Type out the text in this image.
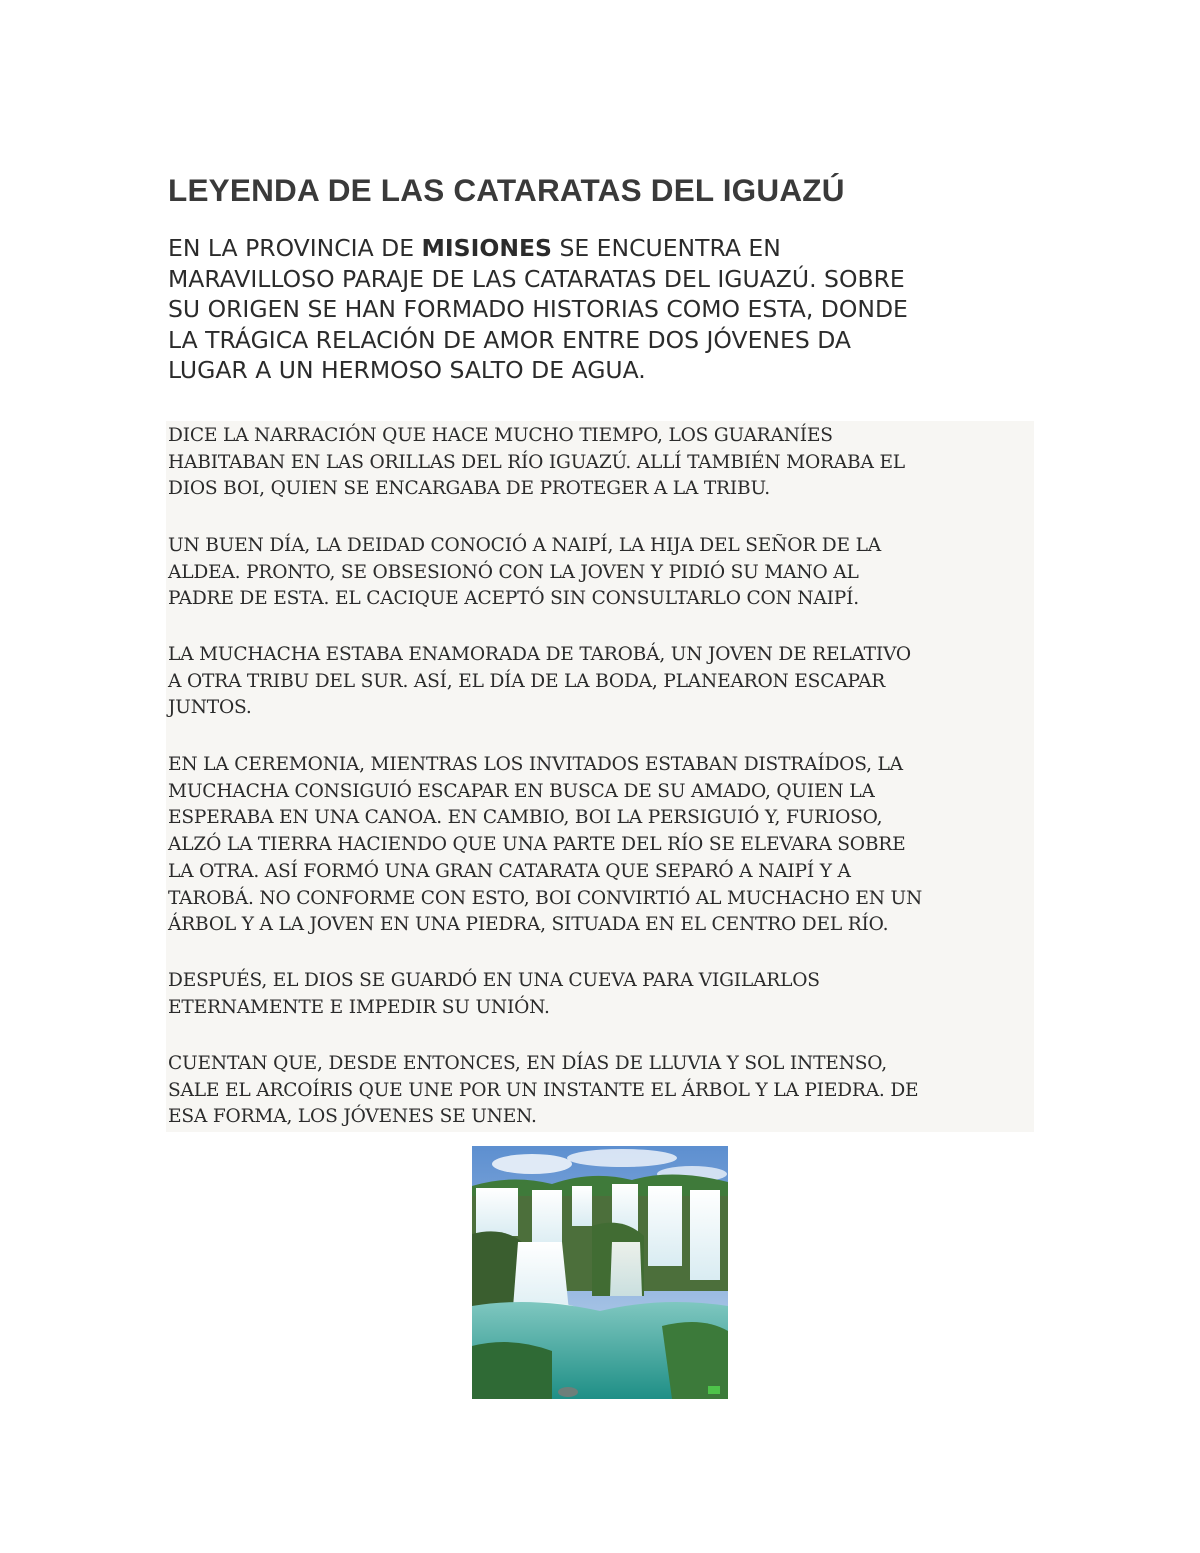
LEYENDA DE LAS CATARATAS DEL IGUAZÚ

EN LA PROVINCIA DE MISIONES SE ENCUENTRA EN

MARAVILLOSO PARAJE DE LAS CATARATAS DEL IGUAZÚ. SOBRE

SU ORIGEN SE HAN FORMADO HISTORIAS COMO ESTA, DONDE

LA TRÁGICA RELACIÓN DE AMOR ENTRE DOS JÓVENES DA

LUGAR A UN HERMOSO SALTO DE AGUA.

DICE LA NARRACIÓN QUE HACE MUCHO TIEMPO, LOS GUARANÍES
HABITABAN EN LAS ORILLAS DEL RÍO IGUAZÚ. ALLÍ TAMBIÉN MORABA EL
DIOS BOI, QUIEN SE ENCARGABA DE PROTEGER A LA TRIBU.

UN BUEN DÍA, LA DEIDAD CONOCIÓ A NAIPÍ, LA HIJA DEL SEÑOR DE LA
ALDEA. PRONTO, SE OBSESIONÓ CON LA JOVEN Y PIDIÓ SU MANO AL
PADRE DE ESTA. EL CACIQUE ACEPTÓ SIN CONSULTARLO CON NAIPÍ.

LA MUCHACHA ESTABA ENAMORADA DE TAROBÁ, UN JOVEN DE RELATIVO
A OTRA TRIBU DEL SUR. ASÍ, EL DÍA DE LA BODA, PLANEARON ESCAPAR
JUNTOS.

EN LA CEREMONIA, MIENTRAS LOS INVITADOS ESTABAN DISTRAÍDOS, LA
MUCHACHA CONSIGUIÓ ESCAPAR EN BUSCA DE SU AMADO, QUIEN LA
ESPERABA EN UNA CANOA. EN CAMBIO, BOI LA PERSIGUIÓ Y, FURIOSO,
ALZÓ LA TIERRA HACIENDO QUE UNA PARTE DEL RÍO SE ELEVARA SOBRE
LA OTRA. ASÍ FORMÓ UNA GRAN CATARATA QUE SEPARÓ A NAIPÍ Y A
TAROBÁ. NO CONFORME CON ESTO, BOI CONVIRTIÓ AL MUCHACHO EN UN
ÁRBOL Y A LA JOVEN EN UNA PIEDRA, SITUADA EN EL CENTRO DEL RÍO.

DESPUÉS, EL DIOS SE GUARDÓ EN UNA CUEVA PARA VIGILARLOS
ETERNAMENTE E IMPEDIR SU UNIÓN.

CUENTAN QUE, DESDE ENTONCES, EN DÍAS DE LLUVIA Y SOL INTENSO,
SALE EL ARCOÍRIS QUE UNE POR UN INSTANTE EL ÁRBOL Y LA PIEDRA. DE
ESA FORMA, LOS JÓVENES SE UNEN.
